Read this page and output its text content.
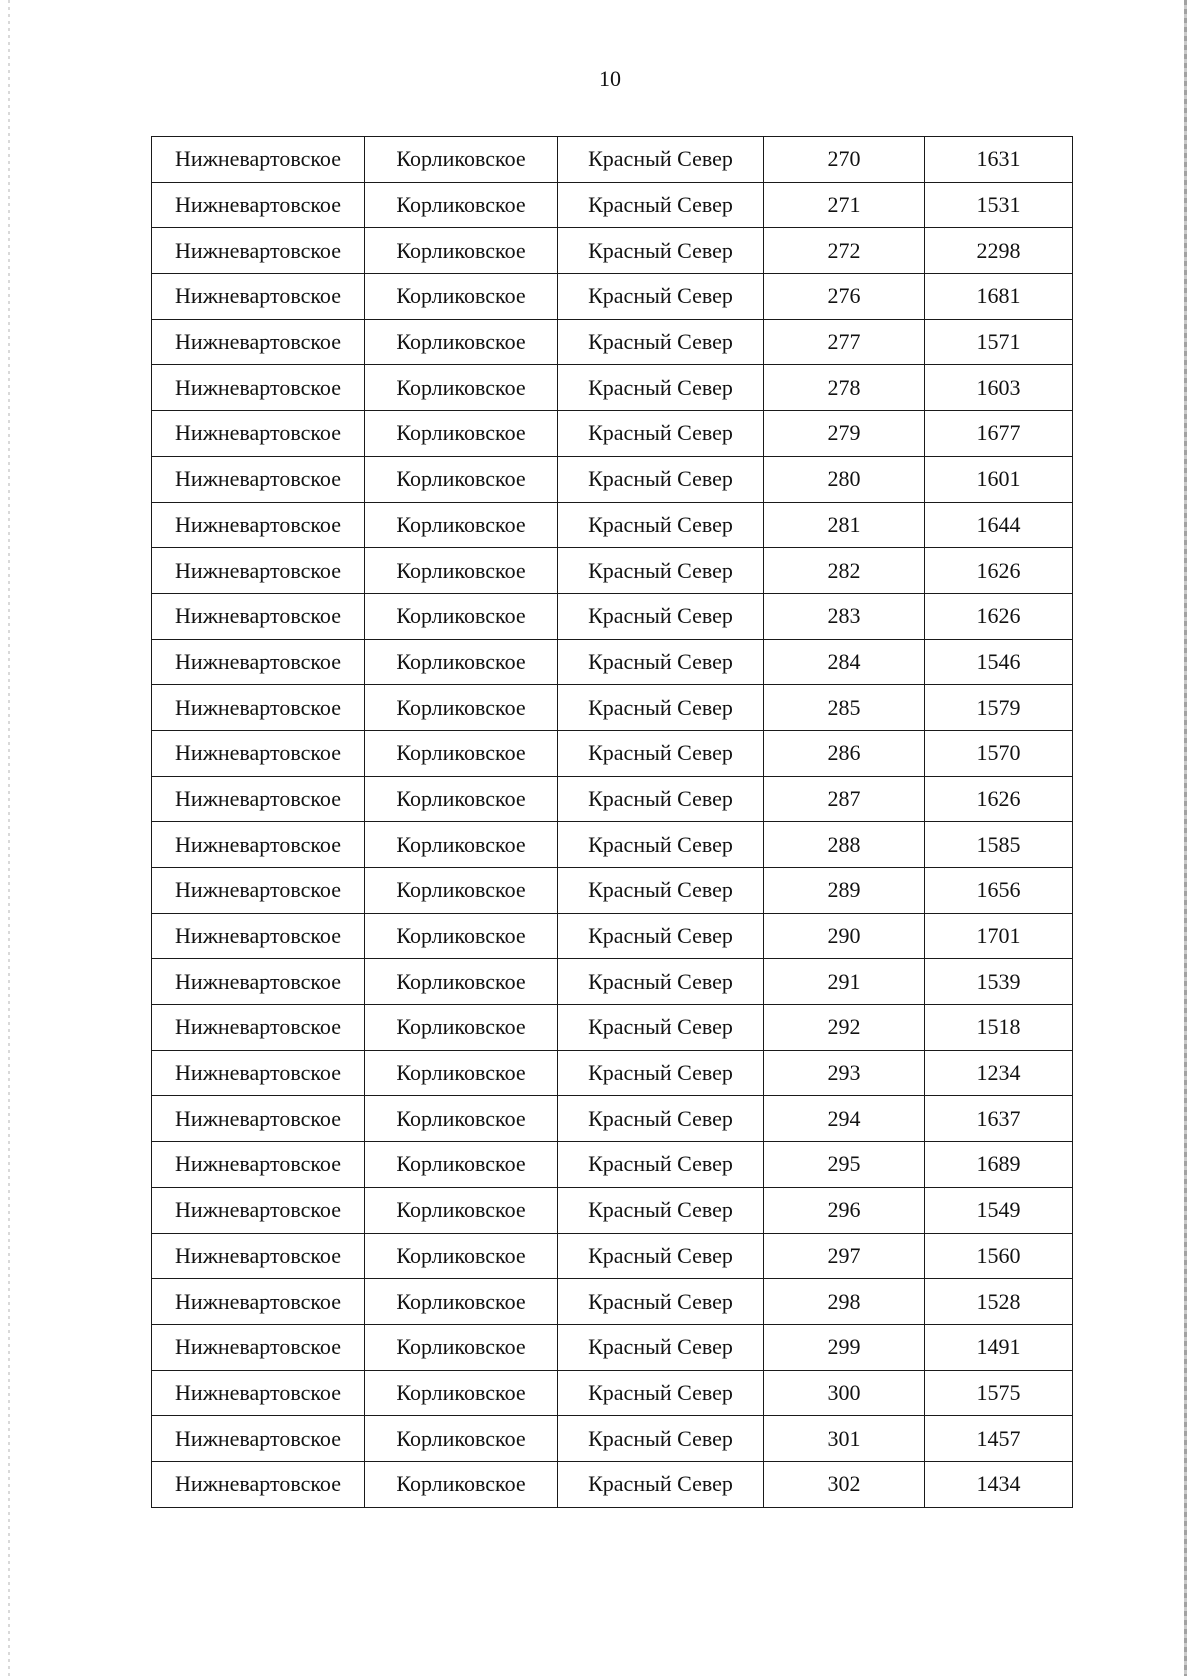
10
Нижневартовское	Корликовское	Красный Север	270	1631
Нижневартовское	Корликовское	Красный Север	271	1531
Нижневартовское	Корликовское	Красный Север	272	2298
Нижневартовское	Корликовское	Красный Север	276	1681
Нижневартовское	Корликовское	Красный Север	277	1571
Нижневартовское	Корликовское	Красный Север	278	1603
Нижневартовское	Корликовское	Красный Север	279	1677
Нижневартовское	Корликовское	Красный Север	280	1601
Нижневартовское	Корликовское	Красный Север	281	1644
Нижневартовское	Корликовское	Красный Север	282	1626
Нижневартовское	Корликовское	Красный Север	283	1626
Нижневартовское	Корликовское	Красный Север	284	1546
Нижневартовское	Корликовское	Красный Север	285	1579
Нижневартовское	Корликовское	Красный Север	286	1570
Нижневартовское	Корликовское	Красный Север	287	1626
Нижневартовское	Корликовское	Красный Север	288	1585
Нижневартовское	Корликовское	Красный Север	289	1656
Нижневартовское	Корликовское	Красный Север	290	1701
Нижневартовское	Корликовское	Красный Север	291	1539
Нижневартовское	Корликовское	Красный Север	292	1518
Нижневартовское	Корликовское	Красный Север	293	1234
Нижневартовское	Корликовское	Красный Север	294	1637
Нижневартовское	Корликовское	Красный Север	295	1689
Нижневартовское	Корликовское	Красный Север	296	1549
Нижневартовское	Корликовское	Красный Север	297	1560
Нижневартовское	Корликовское	Красный Север	298	1528
Нижневартовское	Корликовское	Красный Север	299	1491
Нижневартовское	Корликовское	Красный Север	300	1575
Нижневартовское	Корликовское	Красный Север	301	1457
Нижневартовское	Корликовское	Красный Север	302	1434
